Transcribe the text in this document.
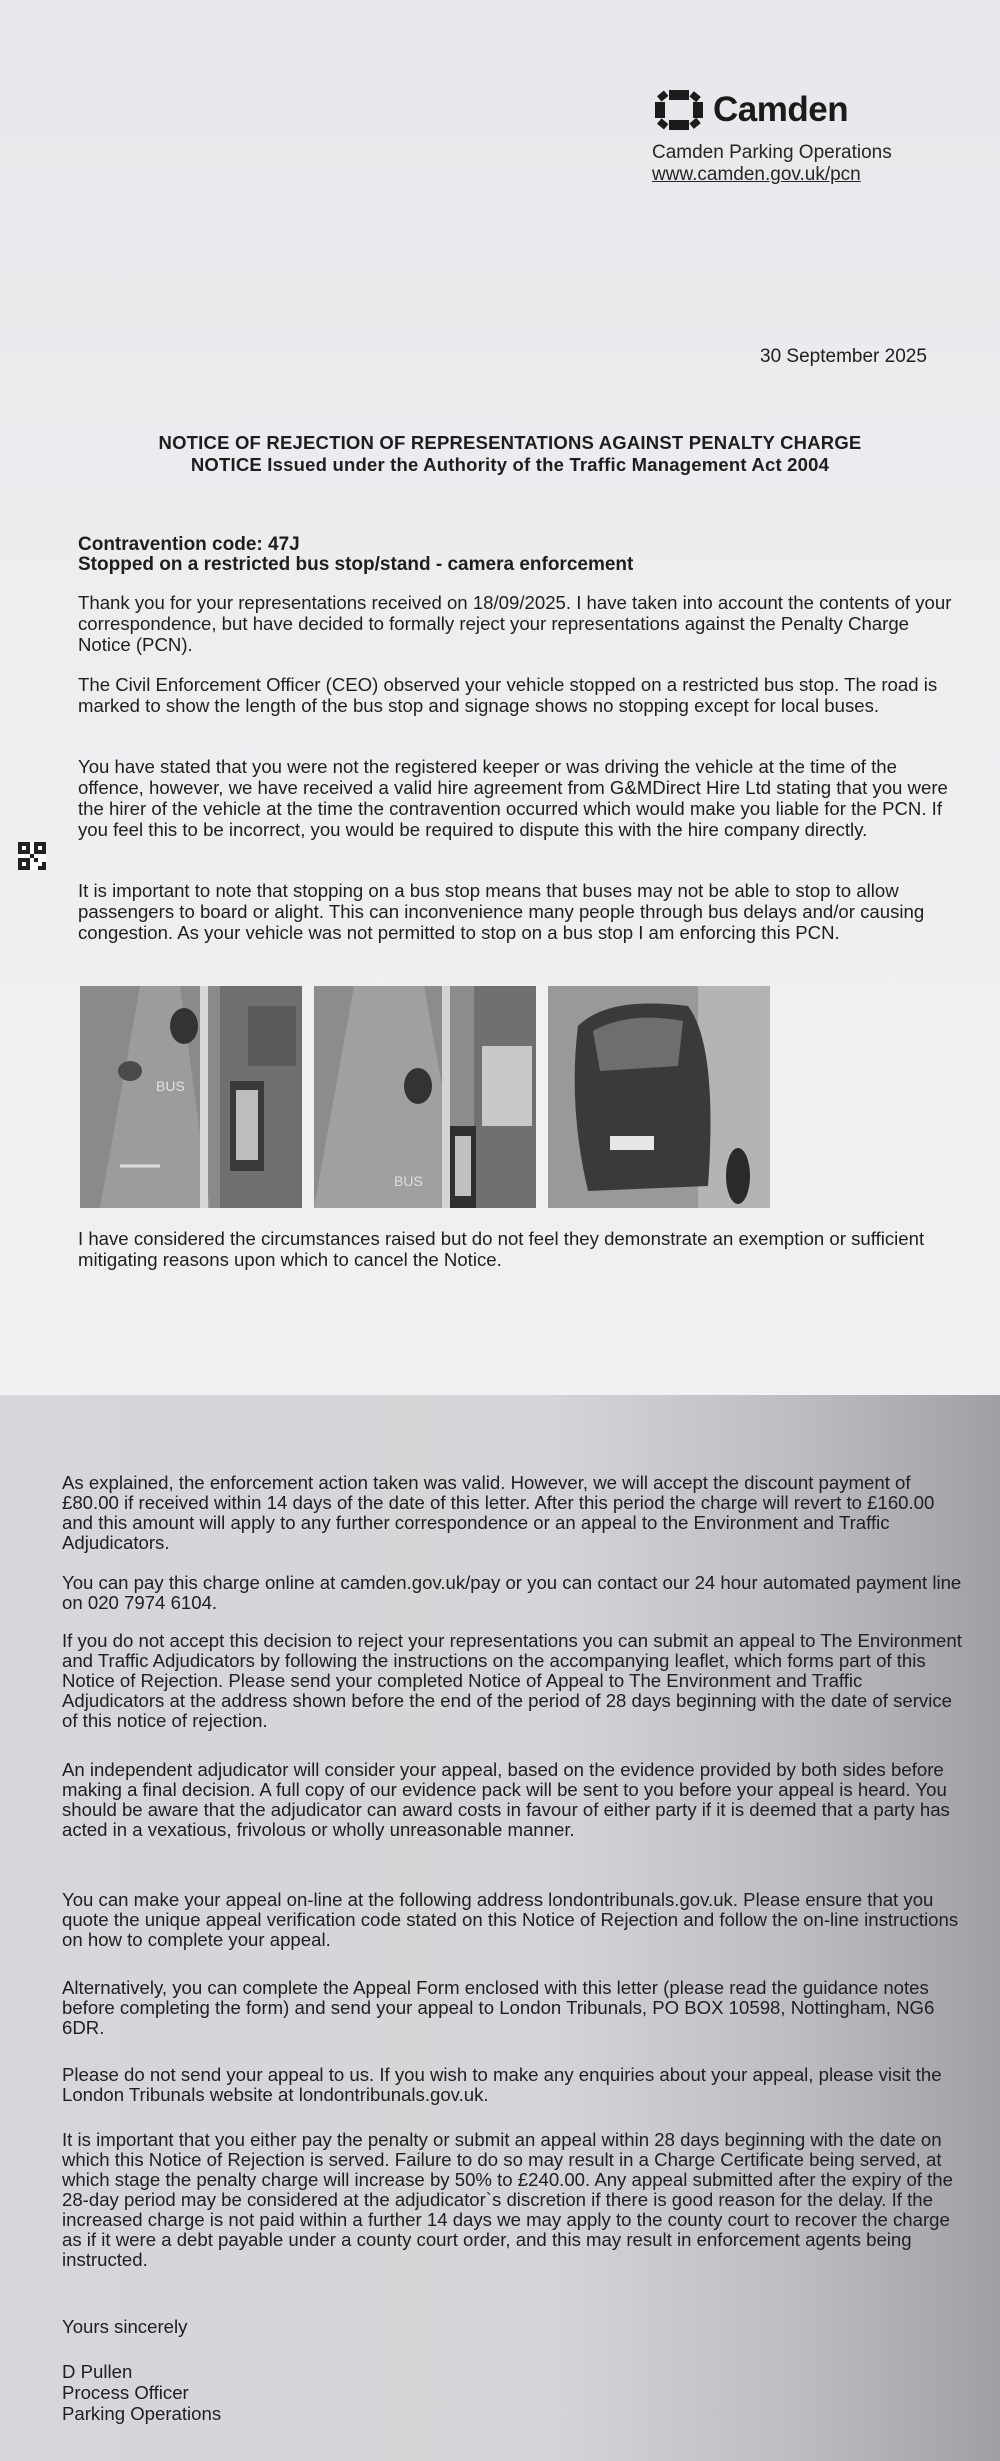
Camden
Camden Parking Operations
www.camden.gov.uk/pcn
30 September 2025
NOTICE OF REJECTION OF REPRESENTATIONS AGAINST PENALTY CHARGE
NOTICE Issued under the Authority of the Traffic Management Act 2004
Contravention code: 47J
Stopped on a restricted bus stop/stand - camera enforcement
Thank you for your representations received on 18/09/2025. I have taken into account the contents of your correspondence, but have decided to formally reject your representations against the Penalty Charge Notice (PCN).
The Civil Enforcement Officer (CEO) observed your vehicle stopped on a restricted bus stop. The road is marked to show the length of the bus stop and signage shows no stopping except for local buses.
You have stated that you were not the registered keeper or was driving the vehicle at the time of the offence, however, we have received a valid hire agreement from G&MDirect Hire Ltd stating that you were the hirer of the vehicle at the time the contravention occurred which would make you liable for the PCN. If you feel this to be incorrect, you would be required to dispute this with the hire company directly.
It is important to note that stopping on a bus stop means that buses may not be able to stop to allow passengers to board or alight. This can inconvenience many people through bus delays and/or causing congestion. As your vehicle was not permitted to stop on a bus stop I am enforcing this PCN.
BUS
BUS
I have considered the circumstances raised but do not feel they demonstrate an exemption or sufficient mitigating reasons upon which to cancel the Notice.
As explained, the enforcement action taken was valid. However, we will accept the discount payment of £80.00 if received within 14 days of the date of this letter. After this period the charge will revert to £160.00 and this amount will apply to any further correspondence or an appeal to the Environment and Traffic Adjudicators.
You can pay this charge online at camden.gov.uk/pay or you can contact our 24 hour automated payment line on 020 7974 6104.
If you do not accept this decision to reject your representations you can submit an appeal to The Environment and Traffic Adjudicators by following the instructions on the accompanying leaflet, which forms part of this Notice of Rejection. Please send your completed Notice of Appeal to The Environment and Traffic Adjudicators at the address shown before the end of the period of 28 days beginning with the date of service of this notice of rejection.
An independent adjudicator will consider your appeal, based on the evidence provided by both sides before making a final decision. A full copy of our evidence pack will be sent to you before your appeal is heard. You should be aware that the adjudicator can award costs in favour of either party if it is deemed that a party has acted in a vexatious, frivolous or wholly unreasonable manner.
You can make your appeal on-line at the following address londontribunals.gov.uk. Please ensure that you quote the unique appeal verification code stated on this Notice of Rejection and follow the on-line instructions on how to complete your appeal.
Alternatively, you can complete the Appeal Form enclosed with this letter (please read the guidance notes before completing the form) and send your appeal to London Tribunals, PO BOX 10598, Nottingham, NG6 6DR.
Please do not send your appeal to us. If you wish to make any enquiries about your appeal, please visit the London Tribunals website at londontribunals.gov.uk.
It is important that you either pay the penalty or submit an appeal within 28 days beginning with the date on which this Notice of Rejection is served. Failure to do so may result in a Charge Certificate being served, at which stage the penalty charge will increase by 50% to £240.00. Any appeal submitted after the expiry of the 28-day period may be considered at the adjudicator`s discretion if there is good reason for the delay. If the increased charge is not paid within a further 14 days we may apply to the county court to recover the charge as if it were a debt payable under a county court order, and this may result in enforcement agents being instructed.
Yours sincerely
D Pullen
Process Officer
Parking Operations
